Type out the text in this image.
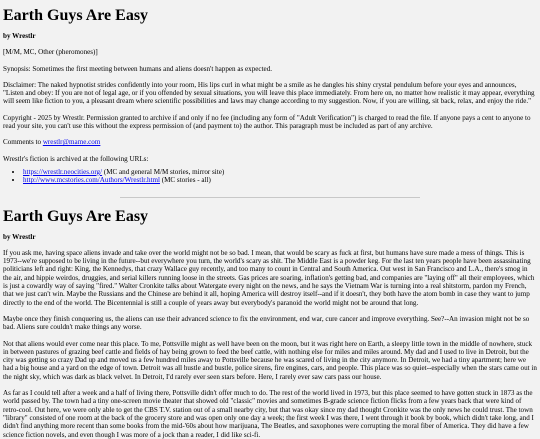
Earth Guys Are Easy

by Wrestlr

[M/M, MC, Other (pheromones)]

Synopsis: Sometimes the first meeting between humans and aliens doesn't happen as expected.

Disclaimer: The naked hypnotist strides confidently into your room, His lips curl in what might be a smile as he dangles his shiny crystal pendulum before your eyes and announces, "Listen and obey: If you are not of legal age, or if you offended by sexual situations, you will leave this place immediately. From here on, no matter how realistic it may appear, everything will seem like fiction to you, a pleasant dream where scientific possibilities and laws may change according to my suggestion. Now, if you are willing, sit back, relax, and enjoy the ride."

Copyright - 2025 by Wrestlr. Permission granted to archive if and only if no fee (including any form of "Adult Verification") is charged to read the file. If anyone pays a cent to anyone to read your site, you can't use this without the express permission of (and payment to) the author. This paragraph must be included as part of any archive.

Comments to wrestlr@mame.com

Wrestlr's fiction is archived at the following URLs:

• https://wrestlr.neocities.org/ (MC and general M/M stories, mirror site)
• http://www.mcstories.com/Authors/Wrestlr.html (MC stories - all)
Earth Guys Are Easy

by Wrestlr

If you ask me, having space aliens invade and take over the world might not be so bad. I mean, that would be scary as fuck at first, but humans have sure made a mess of things. This is 1973--we're supposed to be living in the future--but everywhere you turn, the world's scary as shit. The Middle East is a powder keg. For the last ten years people have been assassinating politicians left and right: King, the Kennedys, that crazy Wallace guy recently, and too many to count in Central and South America. Out west in San Francisco and L.A., there's smog in the air, and hippie weirdos, druggies, and serial killers running loose in the streets. Gas prices are soaring, inflation's getting bad, and companies are "laying off" all their employees, which is just a cowardly way of saying "fired." Walter Cronkite talks about Watergate every night on the news, and he says the Vietnam War is turning into a real shitstorm, pardon my French, that we just can't win. Maybe the Russians and the Chinese are behind it all, hoping America will destroy itself--and if it doesn't, they both have the atom bomb in case they want to jump directly to the end of the world. The Bicentennial is still a couple of years away but everybody's paranoid the world might not be around that long.

Maybe once they finish conquering us, the aliens can use their advanced science to fix the environment, end war, cure cancer and improve everything. See?--An invasion might not be so bad. Aliens sure couldn't make things any worse.

Not that aliens would ever come near this place. To me, Pottsville might as well have been on the moon, but it was right here on Earth, a sleepy little town in the middle of nowhere, stuck in between pastures of grazing beef cattle and fields of hay being grown to feed the beef cattle, with nothing else for miles and miles around. My dad and I used to live in Detroit, but the city was getting so crazy Dad up and moved us a few hundred miles away to Pottsville because he was scared of living in the city anymore. In Detroit, we had a tiny apartment; here we had a big house and a yard on the edge of town. Detroit was all hustle and bustle, police sirens, fire engines, cars, and people. This place was so quiet--especially when the stars came out in the night sky, which was dark as black velvet. In Detroit, I'd rarely ever seen stars before. Here, I rarely ever saw cars pass our house.

As far as I could tell after a week and a half of living there, Pottsville didn't offer much to do. The rest of the world lived in 1973, but this place seemed to have gotten stuck in 1873 as the world passed by. The town had a tiny one-screen movie theater that showed old "classic" movies and sometimes B-grade science fiction flicks from a few years back that were kind of retro-cool. Out here, we were only able to get the CBS T.V. station out of a small nearby city, but that was okay since my dad thought Cronkite was the only news he could trust. The town "library" consisted of one room at the back of the grocery store and was open only one day a week; the first week I was there, I went through it book by book, which didn't take long, and I didn't find anything more recent than some books from the mid-'60s about how marijuana, The Beatles, and saxophones were corrupting the moral fiber of America. They did have a few science fiction novels, and even though I was more of a jock than a reader, I did like sci-fi.
